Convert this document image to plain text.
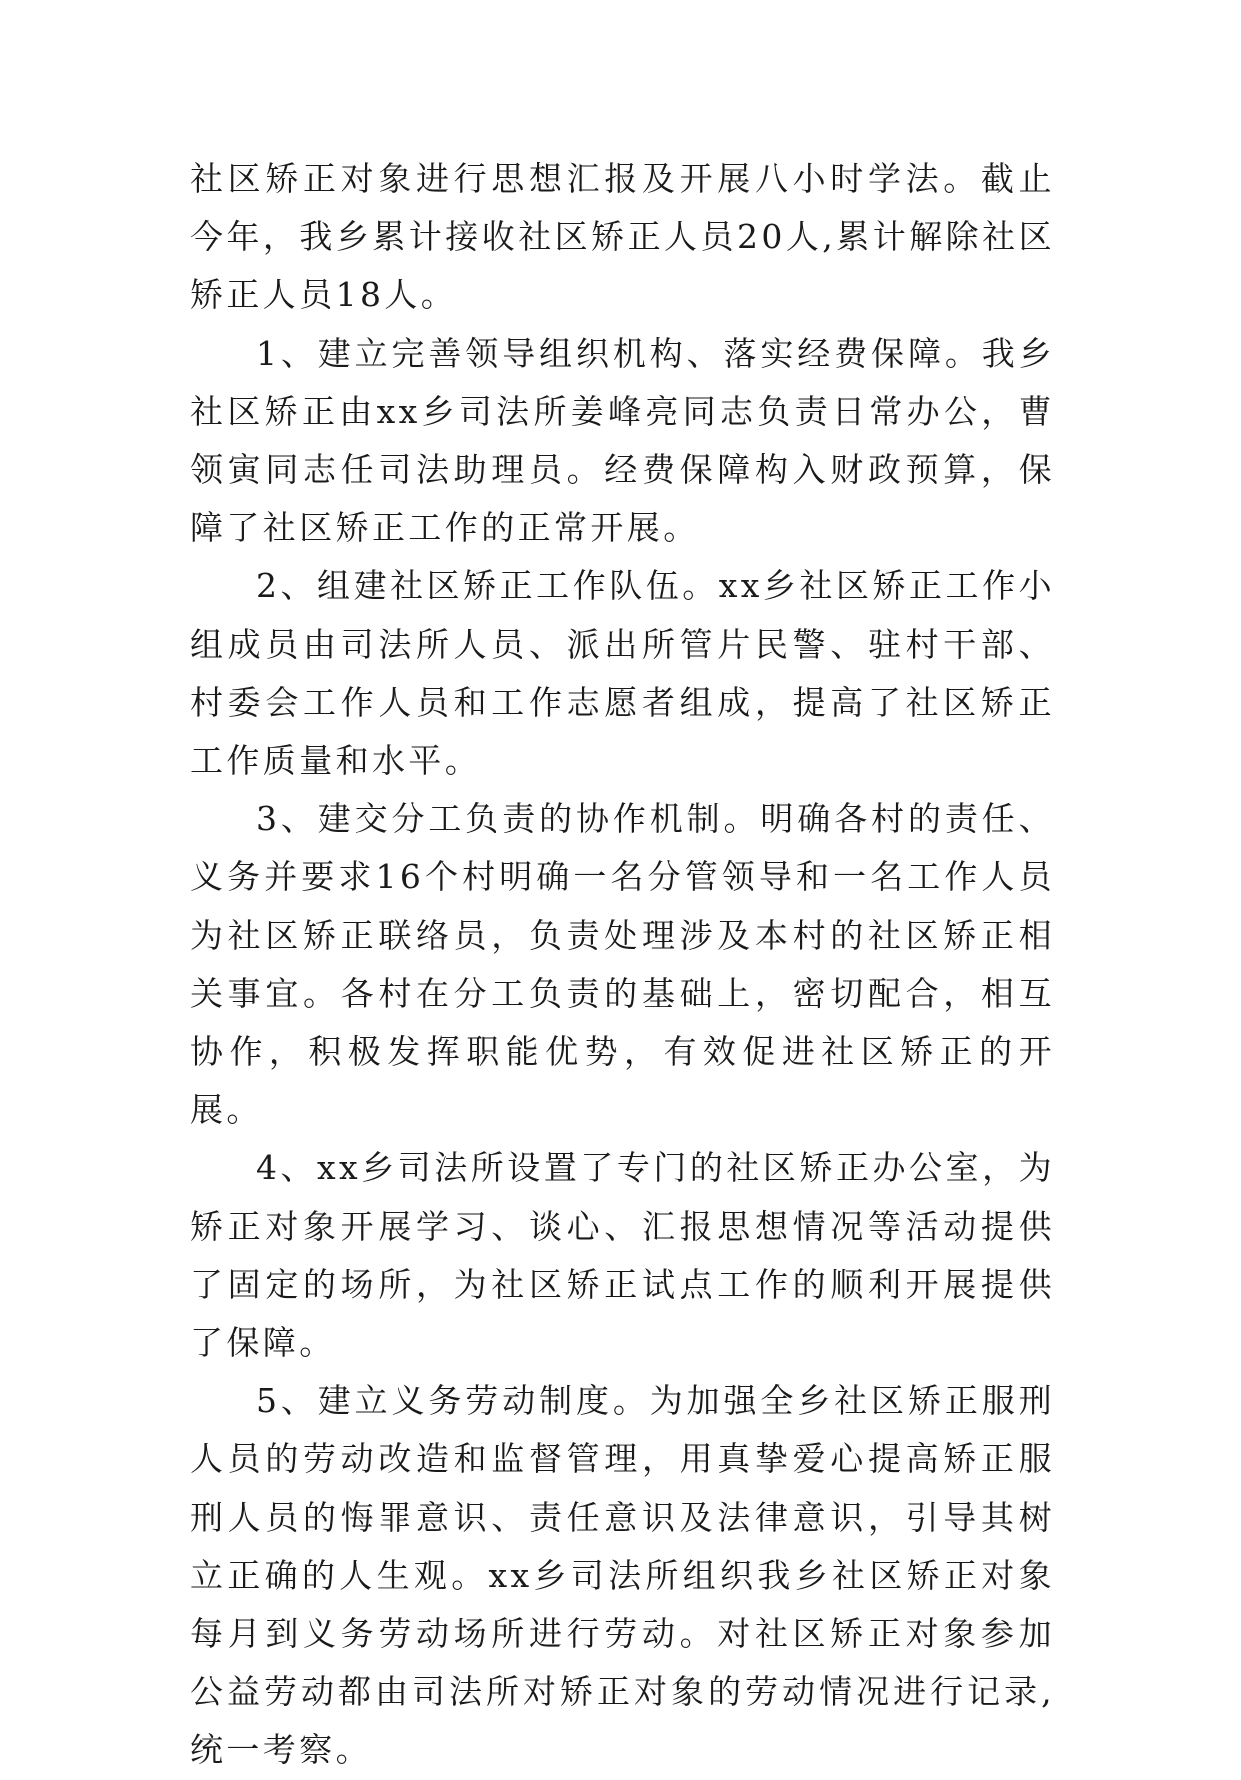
社区矫正对象进行思想汇报及开展八小时学法。截止今年，我乡累计接收社区矫正人员20人,累计解除社区矫正人员18人。

1、建立完善领导组织机构、落实经费保障。我乡社区矫正由xx乡司法所姜峰亮同志负责日常办公，曹领寅同志任司法助理员。经费保障构入财政预算，保障了社区矫正工作的正常开展。

2、组建社区矫正工作队伍。xx乡社区矫正工作小组成员由司法所人员、派出所管片民警、驻村干部、村委会工作人员和工作志愿者组成，提高了社区矫正工作质量和水平。

3、建交分工负责的协作机制。明确各村的责任、义务并要求16个村明确一名分管领导和一名工作人员为社区矫正联络员，负责处理涉及本村的社区矫正相关事宜。各村在分工负责的基础上，密切配合，相互协作，积极发挥职能优势，有效促进社区矫正的开展。

4、xx乡司法所设置了专门的社区矫正办公室，为矫正对象开展学习、谈心、汇报思想情况等活动提供了固定的场所，为社区矫正试点工作的顺利开展提供了保障。

5、建立义务劳动制度。为加强全乡社区矫正服刑人员的劳动改造和监督管理，用真挚爱心提高矫正服刑人员的悔罪意识、责任意识及法律意识，引导其树立正确的人生观。xx乡司法所组织我乡社区矫正对象每月到义务劳动场所进行劳动。对社区矫正对象参加公益劳动都由司法所对矫正对象的劳动情况进行记录,统一考察。
